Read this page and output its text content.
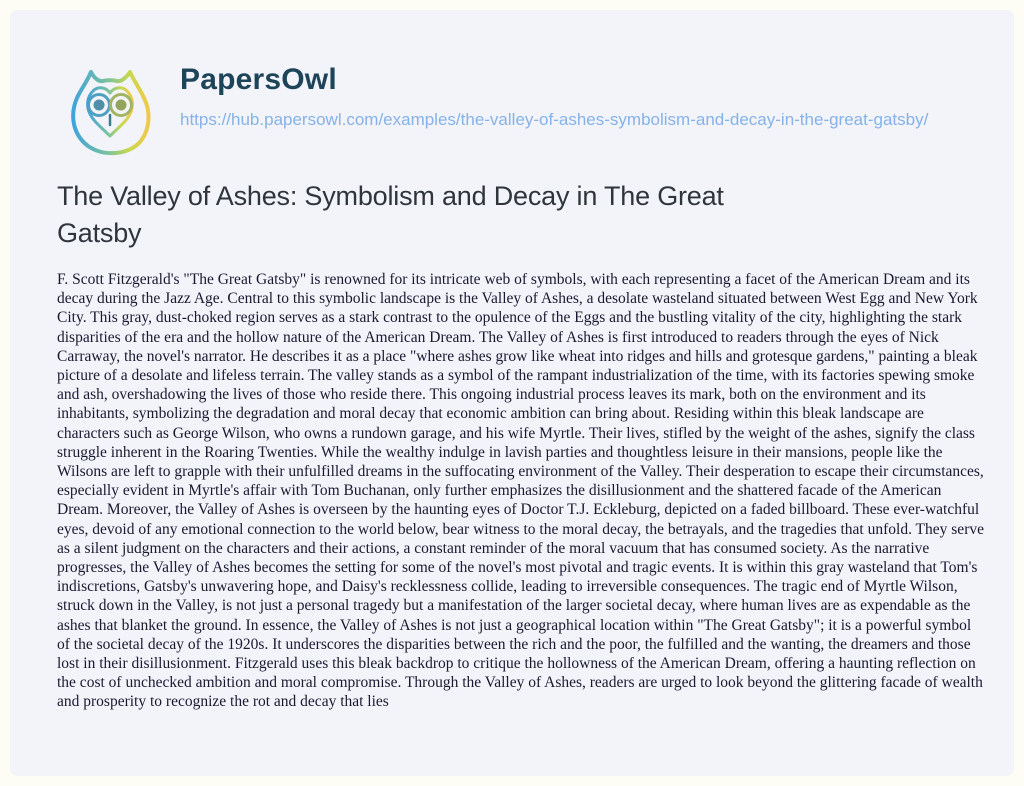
PapersOwl
https://hub.papersowl.com/examples/the-valley-of-ashes-symbolism-and-decay-in-the-great-gatsby/
The Valley of Ashes: Symbolism and Decay in The Great Gatsby

F. Scott Fitzgerald's "The Great Gatsby" is renowned for its intricate web of symbols, with each representing a facet of the American Dream and its decay during the Jazz Age. Central to this symbolic landscape is the Valley of Ashes, a desolate wasteland situated between West Egg and New York City. This gray, dust-choked region serves as a stark contrast to the opulence of the Eggs and the bustling vitality of the city, highlighting the stark disparities of the era and the hollow nature of the American Dream. The Valley of Ashes is first introduced to readers through the eyes of Nick Carraway, the novel's narrator. He describes it as a place "where ashes grow like wheat into ridges and hills and grotesque gardens," painting a bleak picture of a desolate and lifeless terrain. The valley stands as a symbol of the rampant industrialization of the time, with its factories spewing smoke and ash, overshadowing the lives of those who reside there. This ongoing industrial process leaves its mark, both on the environment and its inhabitants, symbolizing the degradation and moral decay that economic ambition can bring about. Residing within this bleak landscape are characters such as George Wilson, who owns a rundown garage, and his wife Myrtle. Their lives, stifled by the weight of the ashes, signify the class struggle inherent in the Roaring Twenties. While the wealthy indulge in lavish parties and thoughtless leisure in their mansions, people like the Wilsons are left to grapple with their unfulfilled dreams in the suffocating environment of the Valley. Their desperation to escape their circumstances, especially evident in Myrtle's affair with Tom Buchanan, only further emphasizes the disillusionment and the shattered facade of the American Dream. Moreover, the Valley of Ashes is overseen by the haunting eyes of Doctor T.J. Eckleburg, depicted on a faded billboard. These ever-watchful eyes, devoid of any emotional connection to the world below, bear witness to the moral decay, the betrayals, and the tragedies that unfold. They serve as a silent judgment on the characters and their actions, a constant reminder of the moral vacuum that has consumed society. As the narrative progresses, the Valley of Ashes becomes the setting for some of the novel's most pivotal and tragic events. It is within this gray wasteland that Tom's indiscretions, Gatsby's unwavering hope, and Daisy's recklessness collide, leading to irreversible consequences. The tragic end of Myrtle Wilson, struck down in the Valley, is not just a personal tragedy but a manifestation of the larger societal decay, where human lives are as expendable as the ashes that blanket the ground. In essence, the Valley of Ashes is not just a geographical location within "The Great Gatsby"; it is a powerful symbol of the societal decay of the 1920s. It underscores the disparities between the rich and the poor, the fulfilled and the wanting, the dreamers and those lost in their disillusionment. Fitzgerald uses this bleak backdrop to critique the hollowness of the American Dream, offering a haunting reflection on the cost of unchecked ambition and moral compromise. Through the Valley of Ashes, readers are urged to look beyond the glittering facade of wealth and prosperity to recognize the rot and decay that lies
